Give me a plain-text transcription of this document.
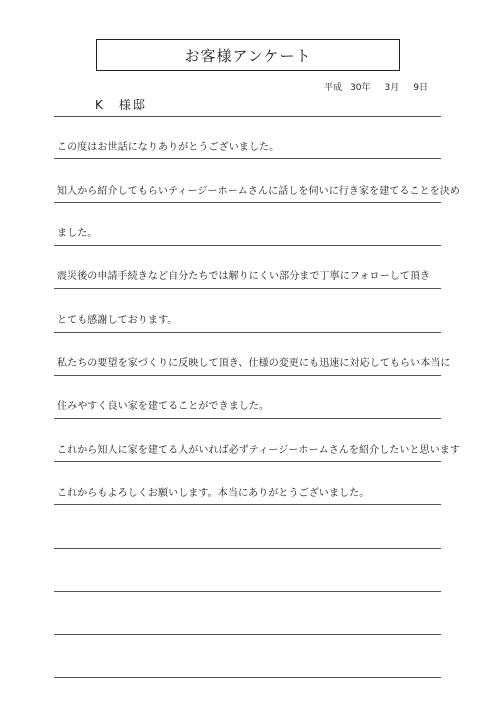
お客様アンケート
平成 30年 3月 9日
K　様邸
この度はお世話になりありがとうございました。
知人から紹介してもらいティージーホームさんに話しを伺いに行き家を建てることを決め
ました。
震災後の申請手続きなど自分たちでは解りにくい部分まで丁寧にフォローして頂き
とても感謝しております。
私たちの要望を家づくりに反映して頂き、仕様の変更にも迅速に対応してもらい本当に
住みやすく良い家を建てることができました。
これから知人に家を建てる人がいれば必ずティージーホームさんを紹介したいと思います
これからもよろしくお願いします。本当にありがとうございました。
